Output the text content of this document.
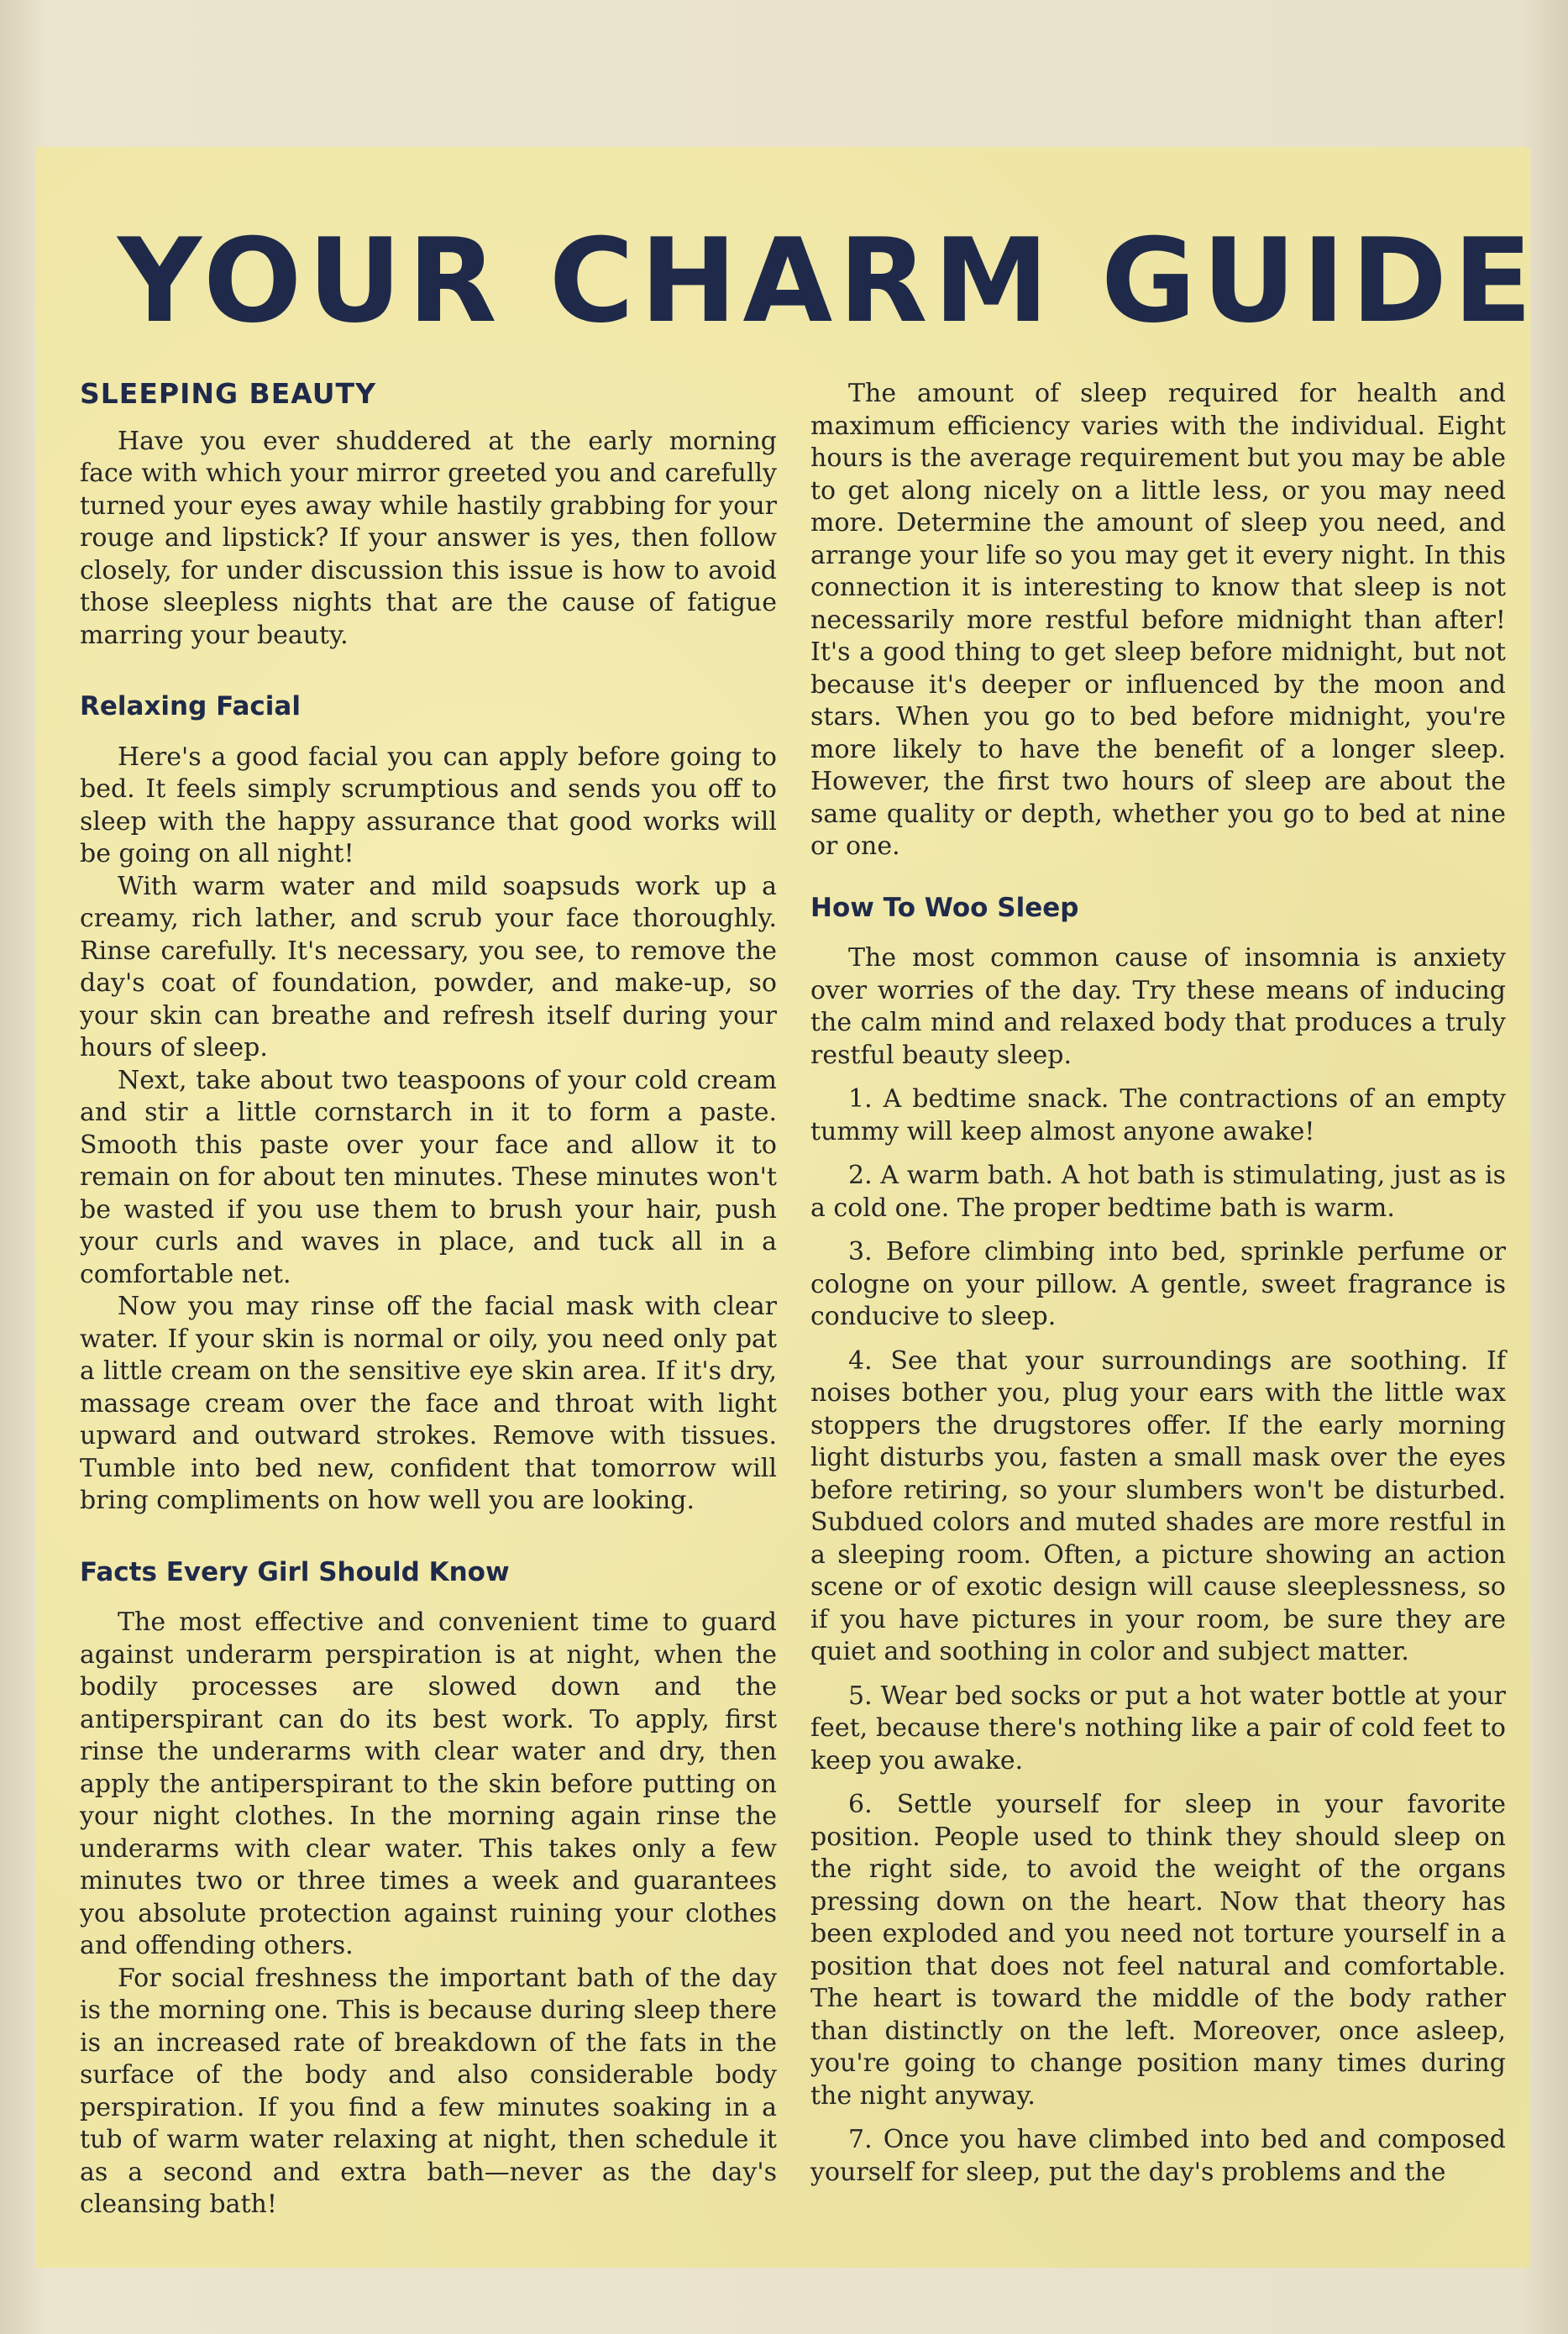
YOUR CHARM GUIDE
SLEEPING BEAUTY

Have you ever shuddered at the early morning face with which your mirror greeted you and carefully turned your eyes away while hastily grabbing for your rouge and lipstick? If your answer is yes, then follow closely, for under discussion this issue is how to avoid those sleepless nights that are the cause of fatigue marring your beauty.

Relaxing Facial

Here's a good facial you can apply before going to bed. It feels simply scrumptious and sends you off to sleep with the happy assurance that good works will be going on all night!

With warm water and mild soapsuds work up a creamy, rich lather, and scrub your face thoroughly. Rinse carefully. It's necessary, you see, to remove the day's coat of foundation, powder, and make-up, so your skin can breathe and refresh itself during your hours of sleep.

Next, take about two teaspoons of your cold cream and stir a little cornstarch in it to form a paste. Smooth this paste over your face and allow it to remain on for about ten minutes. These minutes won't be wasted if you use them to brush your hair, push your curls and waves in place, and tuck all in a comfortable net.

Now you may rinse off the facial mask with clear water. If your skin is normal or oily, you need only pat a little cream on the sensitive eye skin area. If it's dry, massage cream over the face and throat with light upward and outward strokes. Remove with tissues. Tumble into bed new, confident that tomorrow will bring compliments on how well you are looking.

Facts Every Girl Should Know

The most effective and convenient time to guard against underarm perspiration is at night, when the bodily processes are slowed down and the antiperspirant can do its best work. To apply, first rinse the underarms with clear water and dry, then apply the antiperspirant to the skin before putting on your night clothes. In the morning again rinse the underarms with clear water. This takes only a few minutes two or three times a week and guarantees you absolute protection against ruining your clothes and offending others.

For social freshness the important bath of the day is the morning one. This is because during sleep there is an increased rate of breakdown of the fats in the surface of the body and also considerable body perspiration. If you find a few minutes soaking in a tub of warm water relaxing at night, then schedule it as a second and extra bath—never as the day's cleansing bath!

The amount of sleep required for health and maximum efficiency varies with the individual. Eight hours is the average requirement but you may be able to get along nicely on a little less, or you may need more. Determine the amount of sleep you need, and arrange your life so you may get it every night. In this connection it is interesting to know that sleep is not necessarily more restful before midnight than after! It's a good thing to get sleep before midnight, but not because it's deeper or influenced by the moon and stars. When you go to bed before midnight, you're more likely to have the benefit of a longer sleep. However, the first two hours of sleep are about the same quality or depth, whether you go to bed at nine or one.

How To Woo Sleep

The most common cause of insomnia is anxiety over worries of the day. Try these means of inducing the calm mind and relaxed body that produces a truly restful beauty sleep.

1. A bedtime snack. The contractions of an empty tummy will keep almost anyone awake!

2. A warm bath. A hot bath is stimulating, just as is a cold one. The proper bedtime bath is warm.

3. Before climbing into bed, sprinkle perfume or cologne on your pillow. A gentle, sweet fragrance is conducive to sleep.

4. See that your surroundings are soothing. If noises bother you, plug your ears with the little wax stoppers the drugstores offer. If the early morning light disturbs you, fasten a small mask over the eyes before retiring, so your slumbers won't be disturbed. Subdued colors and muted shades are more restful in a sleeping room. Often, a picture showing an action scene or of exotic design will cause sleeplessness, so if you have pictures in your room, be sure they are quiet and soothing in color and subject matter.

5. Wear bed socks or put a hot water bottle at your feet, because there's nothing like a pair of cold feet to keep you awake.

6. Settle yourself for sleep in your favorite position. People used to think they should sleep on the right side, to avoid the weight of the organs pressing down on the heart. Now that theory has been exploded and you need not torture yourself in a position that does not feel natural and comfortable. The heart is toward the middle of the body rather than distinctly on the left. Moreover, once asleep, you're going to change position many times during the night anyway.

7. Once you have climbed into bed and composed yourself for sleep, put the day's problems and the
